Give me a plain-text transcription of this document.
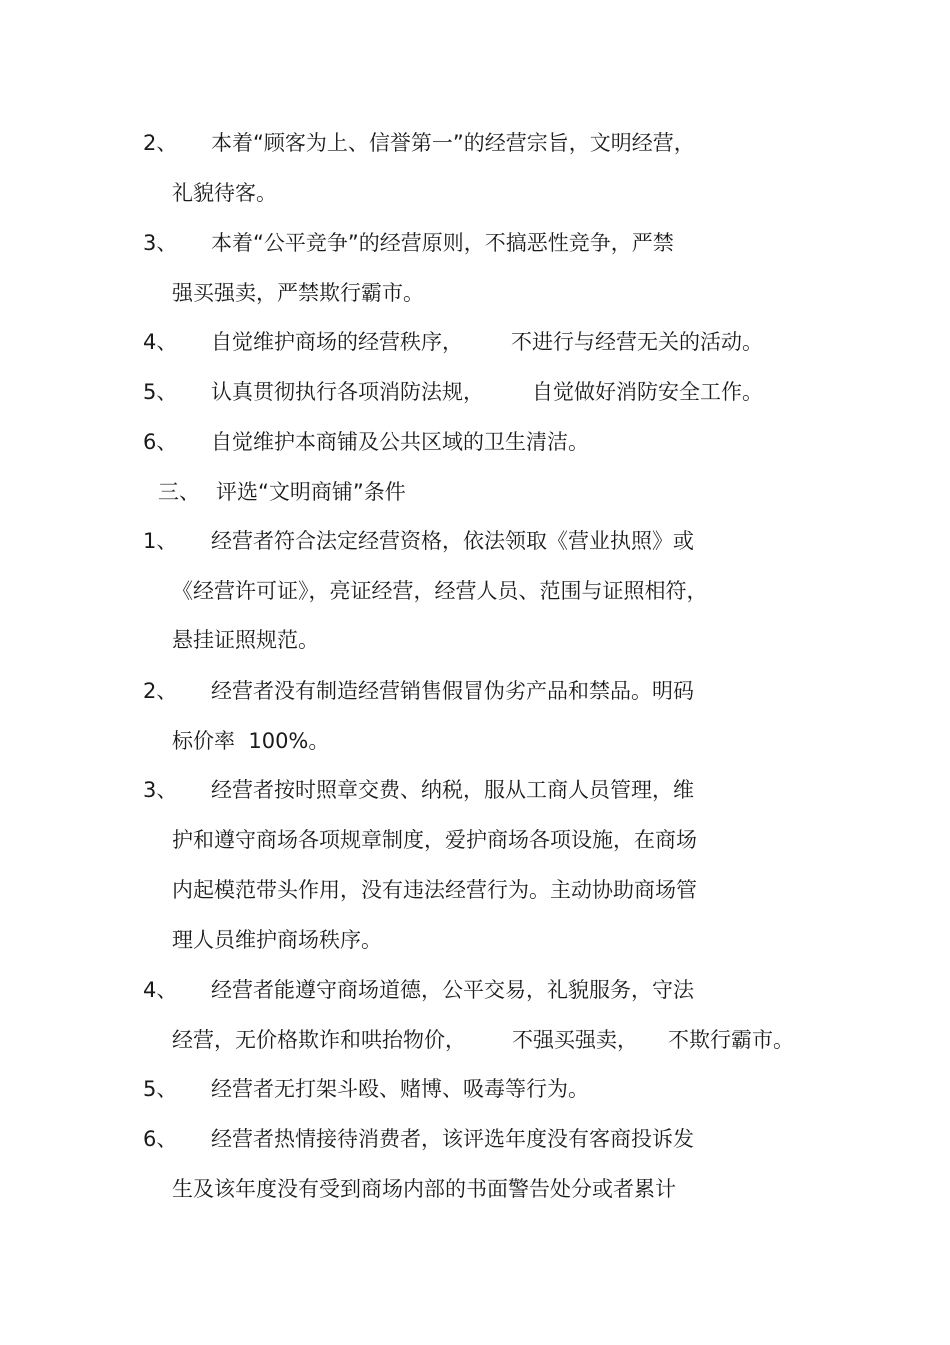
2、 本着“顾客为上、信誉第一”的经营宗旨，文明经营，
礼貌待客。
3、 本着“公平竞争”的经营原则，不搞恶性竞争，严禁
强买强卖，严禁欺行霸市。
4、 自觉维护商场的经营秩序， 不进行与经营无关的活动。
5、 认真贯彻执行各项消防法规， 自觉做好消防安全工作。
6、 自觉维护本商铺及公共区域的卫生清洁。
三、 评选“文明商铺”条件
1、 经营者符合法定经营资格，依法领取《营业执照》或
《经营许可证》，亮证经营，经营人员、范围与证照相符，
悬挂证照规范。
2、 经营者没有制造经营销售假冒伪劣产品和禁品。明码
标价率  100%。
3、 经营者按时照章交费、纳税，服从工商人员管理，维
护和遵守商场各项规章制度，爱护商场各项设施，在商场
内起模范带头作用，没有违法经营行为。主动协助商场管
理人员维护商场秩序。
4、 经营者能遵守商场道德，公平交易，礼貌服务，守法
经营，无价格欺诈和哄抬物价， 不强买强卖， 不欺行霸市。
5、 经营者无打架斗殴、赌博、吸毒等行为。
6、 经营者热情接待消费者，该评选年度没有客商投诉发
生及该年度没有受到商场内部的书面警告处分或者累计
